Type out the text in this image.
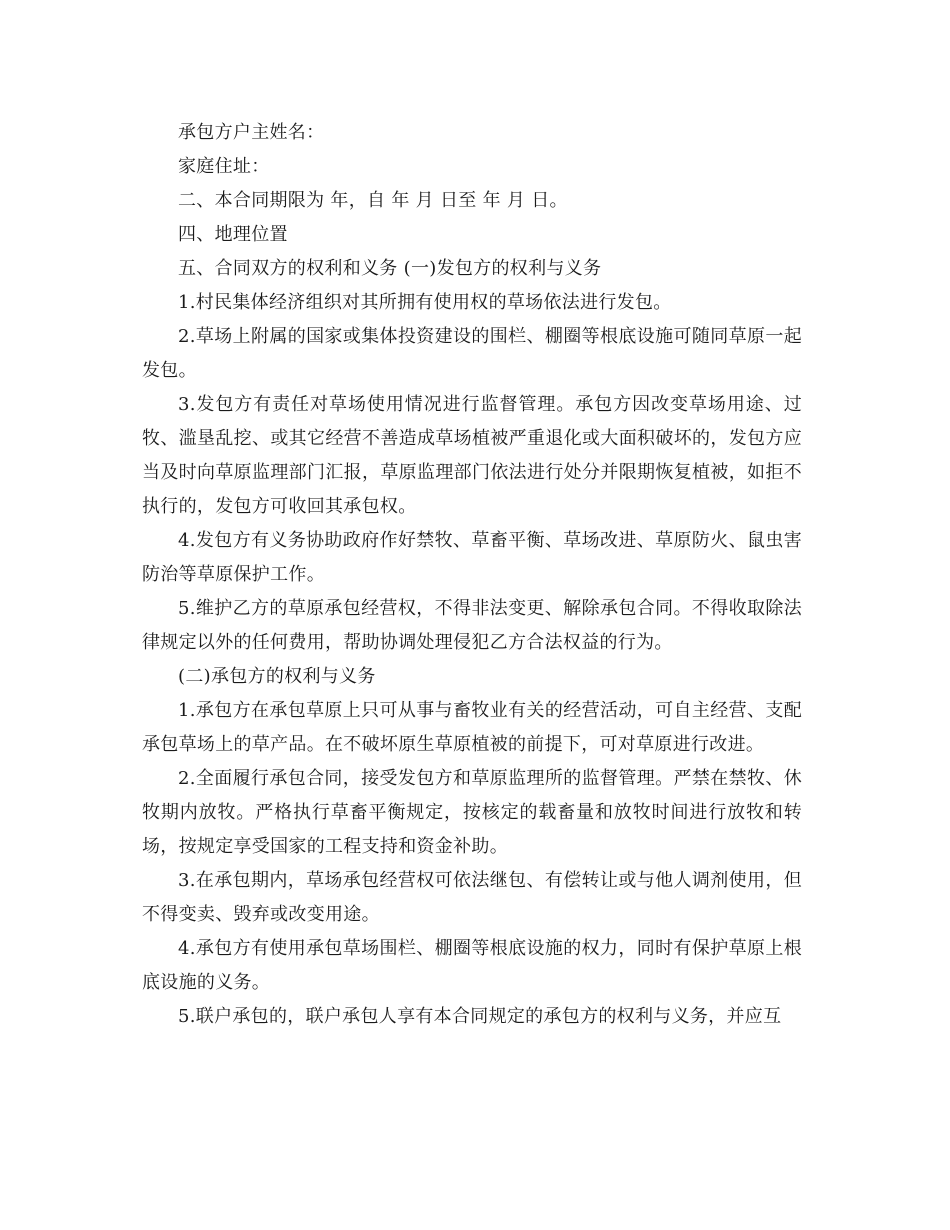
承包方户主姓名：

家庭住址：

二、本合同期限为 年，自 年 月 日至 年 月 日。

四、地理位置

五、合同双方的权利和义务 (一)发包方的权利与义务

1.村民集体经济组织对其所拥有使用权的草场依法进行发包。

2.草场上附属的国家或集体投资建设的围栏、棚圈等根底设施可随同草原一起发包。

3.发包方有责任对草场使用情况进行监督管理。承包方因改变草场用途、过牧、滥垦乱挖、或其它经营不善造成草场植被严重退化或大面积破坏的，发包方应当及时向草原监理部门汇报，草原监理部门依法进行处分并限期恢复植被，如拒不执行的，发包方可收回其承包权。

4.发包方有义务协助政府作好禁牧、草畜平衡、草场改进、草原防火、鼠虫害防治等草原保护工作。

5.维护乙方的草原承包经营权，不得非法变更、解除承包合同。不得收取除法律规定以外的任何费用，帮助协调处理侵犯乙方合法权益的行为。

(二)承包方的权利与义务

1.承包方在承包草原上只可从事与畜牧业有关的经营活动，可自主经营、支配承包草场上的草产品。在不破坏原生草原植被的前提下，可对草原进行改进。

2.全面履行承包合同，接受发包方和草原监理所的监督管理。严禁在禁牧、休牧期内放牧。严格执行草畜平衡规定，按核定的载畜量和放牧时间进行放牧和转场，按规定享受国家的工程支持和资金补助。

3.在承包期内，草场承包经营权可依法继包、有偿转让或与他人调剂使用，但不得变卖、毁弃或改变用途。

4.承包方有使用承包草场围栏、棚圈等根底设施的权力，同时有保护草原上根底设施的义务。

5.联户承包的，联户承包人享有本合同规定的承包方的权利与义务，并应互
